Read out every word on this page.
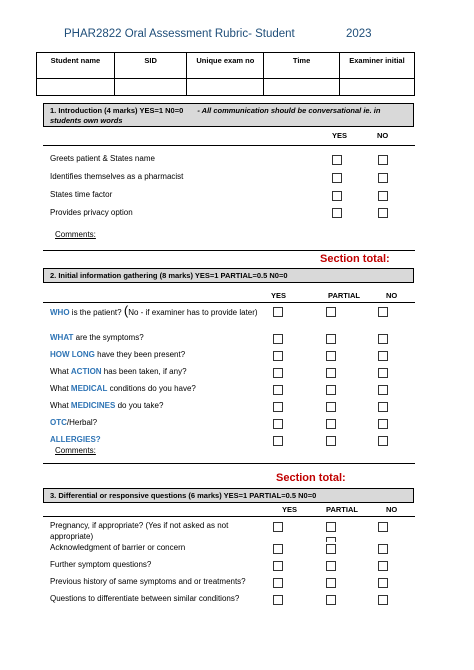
PHAR2822 Oral Assessment Rubric- Student	2023
Student name	SID	Unique exam no	Time	Examiner initial

1. Introduction (4 marks) YES=1 N0=0 - All communication should be conversational ie. in
students own words
YES	NO
Greets patient & States name
Identifies themselves as a pharmacist
States time factor
Provides privacy option
Comments:
Section total:
2. Initial information gathering (8 marks) YES=1 PARTIAL=0.5 N0=0
YES	PARTIAL	NO
WHO is the patient? (No - if examiner has to provide later)
WHAT are the symptoms?
HOW LONG have they been present?
What ACTION has been taken, if any?
What MEDICAL conditions do you have?
What MEDICINES do you take?
OTC/Herbal?
ALLERGIES?
Comments:
Section total:
3. Differential or responsive questions (6 marks) YES=1 PARTIAL=0.5 N0=0
YES	PARTIAL	NO
Pregnancy, if appropriate? (Yes if not asked as not
appropriate)
Acknowledgment of barrier or concern
Further symptom questions?
Previous history of same symptoms and or treatments?
Questions to differentiate between similar conditions?
